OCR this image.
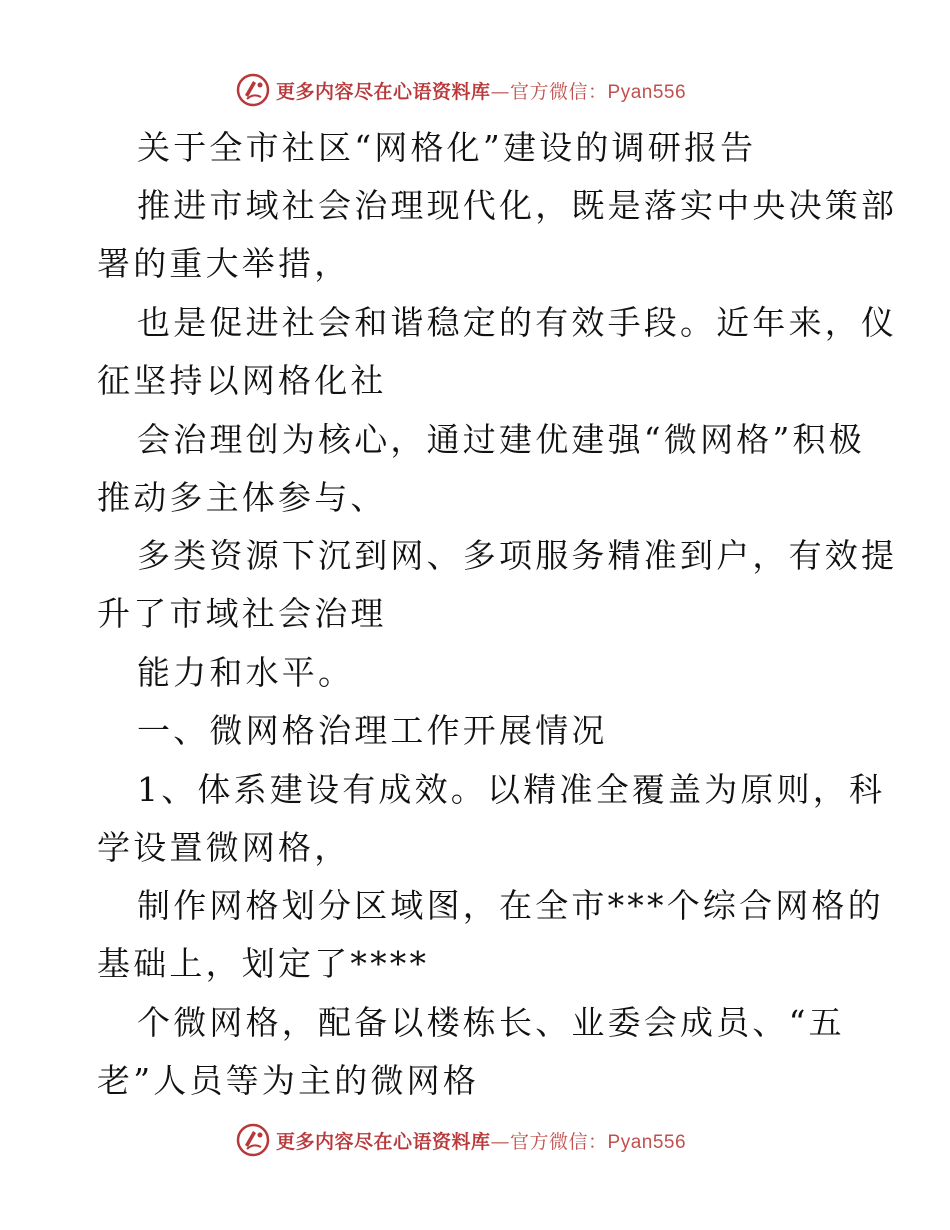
更多内容尽在心语资料库—官方微信：Pyan556
关于全市社区“网格化”建设的调研报告
推进市域社会治理现代化，既是落实中央决策部
署的重大举措，
也是促进社会和谐稳定的有效手段。近年来，仪
征坚持以网格化社
会治理创为核心，通过建优建强“微网格”积极
推动多主体参与、
多类资源下沉到网、多项服务精准到户，有效提
升了市域社会治理
能力和水平。
一、微网格治理工作开展情况
1、体系建设有成效。以精准全覆盖为原则，科
学设置微网格，
制作网格划分区域图，在全市***个综合网格的
基础上，划定了****
个微网格，配备以楼栋长、业委会成员、“五
老”人员等为主的微网格
更多内容尽在心语资料库—官方微信：Pyan556
